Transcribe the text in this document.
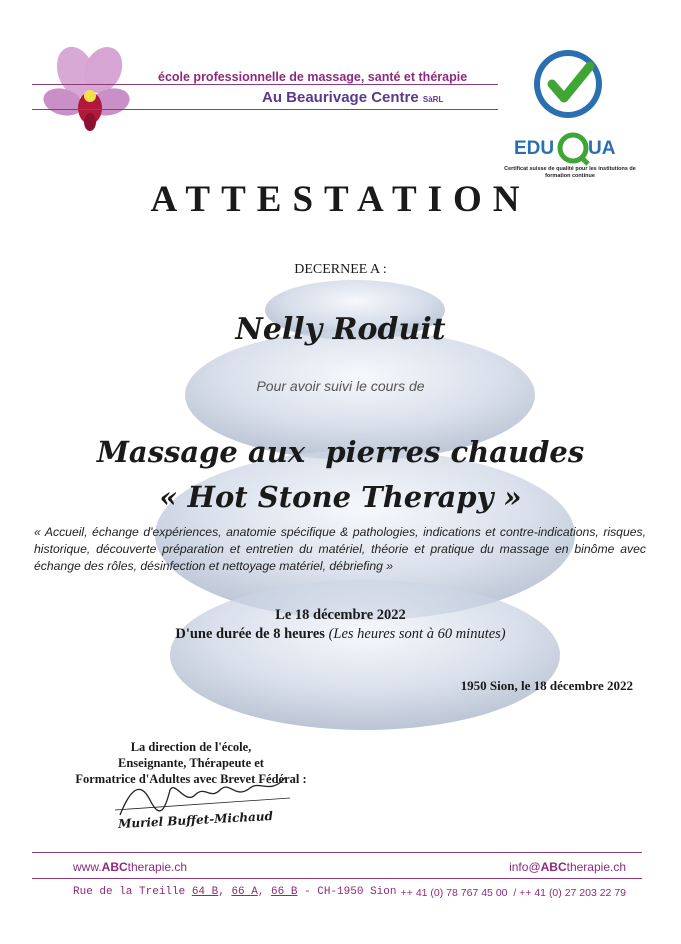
école professionnelle de massage, santé et thérapie
Au Beaurivage Centre SàRL
EDU UA
Certificat suisse de qualité pour les institutions de formation continue
ATTESTATION
DECERNEE A :
Nelly Roduit
Pour avoir suivi le cours de
Massage aux  pierres chaudes
« Hot Stone Therapy »
« Accueil, échange d'expériences, anatomie spécifique & pathologies, indications et contre-indications, risques, historique, découverte préparation et entretien du matériel, théorie et pratique du massage en binôme avec échange des rôles, désinfection et nettoyage matériel, débriefing »
Le 18 décembre 2022
D'une durée de 8 heures (Les heures sont à 60 minutes)
1950 Sion, le 18 décembre 2022
La direction de l'école,
Enseignante, Thérapeute et
Formatrice d'Adultes avec Brevet Fédéral :
Muriel Buffet-Michaud
www.ABCtherapie.ch	info@ABCtherapie.ch
Rue de la Treille 64 B, 66 A, 66 B - CH-1950 Sion ++ 41 (0) 78 767 45 00  / ++ 41 (0) 27 203 22 79
